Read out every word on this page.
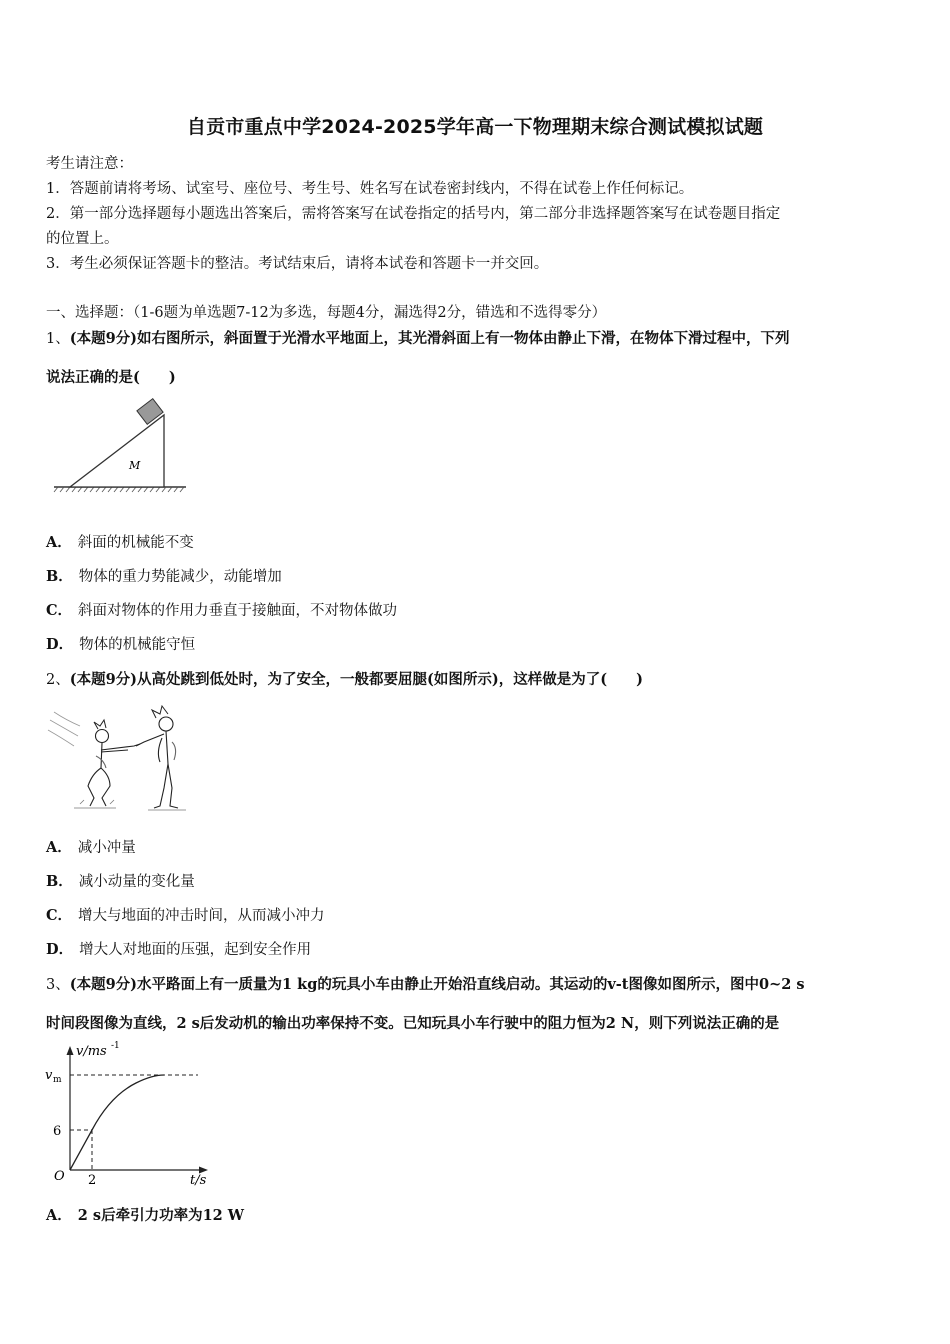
自贡市重点中学2024-2025学年高一下物理期末综合测试模拟试题
考生请注意：
1．答题前请将考场、试室号、座位号、考生号、姓名写在试卷密封线内，不得在试卷上作任何标记。
2．第一部分选择题每小题选出答案后，需将答案写在试卷指定的括号内，第二部分非选择题答案写在试卷题目指定
的位置上。
3．考生必须保证答题卡的整洁。考试结束后，请将本试卷和答题卡一并交回。
一、选择题：（1-6题为单选题7-12为多选，每题4分，漏选得2分，错选和不选得零分）
1、(本题9分)如右图所示，斜面置于光滑水平地面上，其光滑斜面上有一物体由静止下滑，在物体下滑过程中，下列
说法正确的是(　　)
M
A． 斜面的机械能不变
B． 物体的重力势能减少，动能增加
C． 斜面对物体的作用力垂直于接触面，不对物体做功
D． 物体的机械能守恒
2、(本题9分)从高处跳到低处时，为了安全，一般都要屈腿(如图所示)，这样做是为了(　　)
A． 减小冲量
B． 减小动量的变化量
C． 增大与地面的冲击时间，从而减小冲力
D． 增大人对地面的压强，起到安全作用
3、(本题9分)水平路面上有一质量为1 kg的玩具小车由静止开始沿直线启动。其运动的v-t图像如图所示，图中0~2 s
时间段图像为直线，2 s后发动机的输出功率保持不变。已知玩具小车行驶中的阻力恒为2 N，则下列说法正确的是
v/ms -1
v m
6
O 2	t/s
A． 2 s后牵引力功率为12 W
